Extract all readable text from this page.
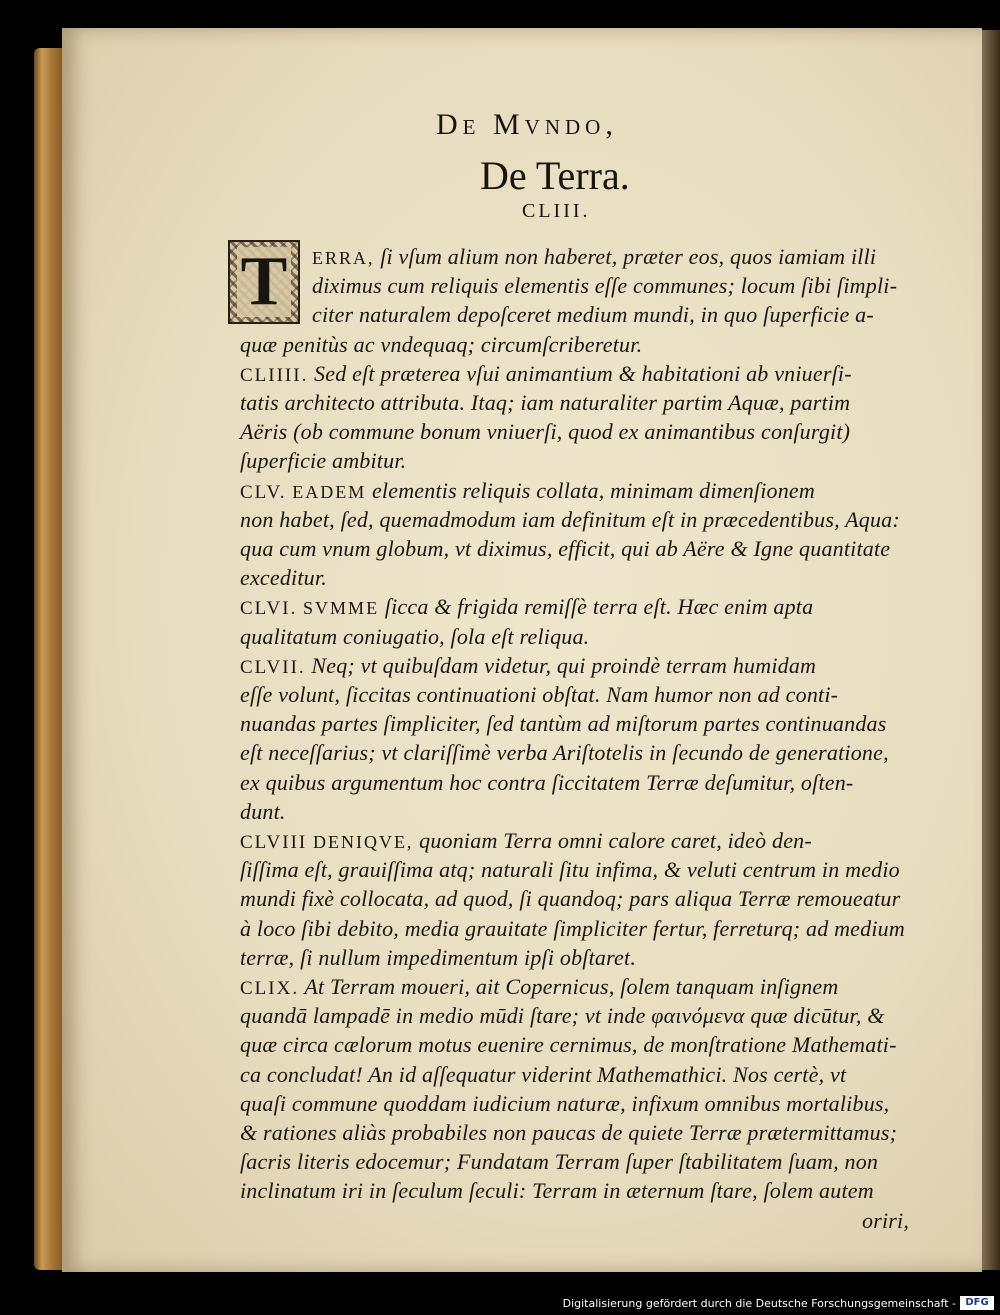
De Mvndo,
De Terra.
CLIII.
T ERRA, ſi vſum alium non haberet, præter eos, quos iamiam illi
diximus cum reliquis elementis eſſe communes; locum ſibi ſimpli-
citer naturalem depoſceret medium mundi, in quo ſuperficie a-
quæ penitùs ac vndequaq; circumſcriberetur.
CLIIII. Sed eſt præterea vſui animantium & habitationi ab vniuerſi-
tatis architecto attributa. Itaq; iam naturaliter partim Aquæ, partim
Aëris (ob commune bonum vniuerſi, quod ex animantibus conſurgit)
ſuperficie ambitur.
CLV. EADEM elementis reliquis collata, minimam dimenſionem
non habet, ſed, quemadmodum iam definitum eſt in præcedentibus, Aqua:
qua cum vnum globum, vt diximus, efficit, qui ab Aëre & Igne quantitate
exceditur.
CLVI. SVMME ſicca & frigida remiſſè terra eſt. Hæc enim apta
qualitatum coniugatio, ſola eſt reliqua.
CLVII. Neq; vt quibuſdam videtur, qui proindè terram humidam
eſſe volunt, ſiccitas continuationi obſtat. Nam humor non ad conti-
nuandas partes ſimpliciter, ſed tantùm ad miſtorum partes continuandas
eſt neceſſarius; vt clariſſimè verba Ariſtotelis in ſecundo de generatione,
ex quibus argumentum hoc contra ſiccitatem Terræ deſumitur, oſten-
dunt.
CLVIII DENIQVE, quoniam Terra omni calore caret, ideò den-
ſiſſima eſt, grauiſſima atq; naturali ſitu infima, & veluti centrum in medio
mundi fixè collocata, ad quod, ſi quandoq; pars aliqua Terræ remoueatur
à loco ſibi debito, media grauitate ſimpliciter fertur, ferreturq; ad medium
terræ, ſi nullum impedimentum ipſi obſtaret.
CLIX. At Terram moueri, ait Copernicus, ſolem tanquam inſignem
quandā lampadē in medio mūdi ſtare; vt inde φαινόμενα quæ dicūtur, &
quæ circa cælorum motus euenire cernimus, de monſtratione Mathemati-
ca concludat! An id aſſequatur viderint Mathemathici. Nos certè, vt
quaſi commune quoddam iudicium naturæ, infixum omnibus mortalibus,
& rationes aliàs probabiles non paucas de quiete Terræ prætermittamus;
ſacris literis edocemur; Fundatam Terram ſuper ſtabilitatem ſuam, non
inclinatum iri in ſeculum ſeculi: Terram in æternum ſtare, ſolem autem
oriri,
Digitalisierung gefördert durch die Deutsche Forschungsgemeinschaft - DFG
